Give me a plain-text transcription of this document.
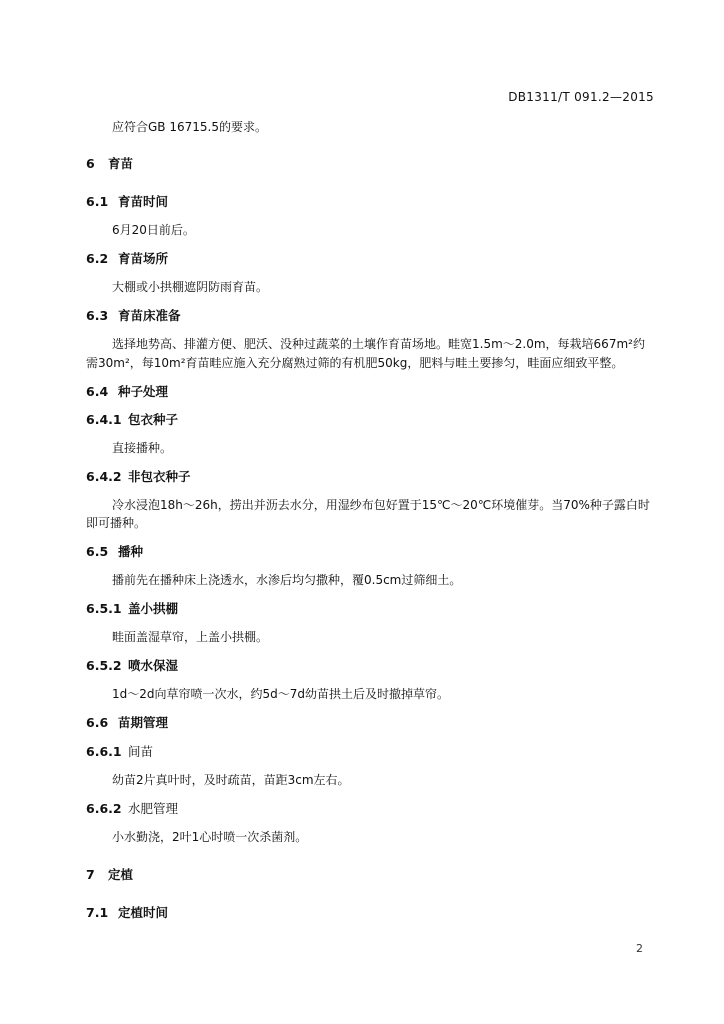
DB1311/T 091.2—2015
应符合GB 16715.5的要求。
6 育苗
6.1 育苗时间
6月20日前后。
6.2 育苗场所
大棚或小拱棚遮阴防雨育苗。
6.3 育苗床准备
选择地势高、排灌方便、肥沃、没种过蔬菜的土壤作育苗场地。畦宽1.5m～2.0m，每栽培667m²约
需30m²，每10m²育苗畦应施入充分腐熟过筛的有机肥50kg，肥料与畦土要掺匀，畦面应细致平整。
6.4 种子处理
6.4.1 包衣种子
直接播种。
6.4.2 非包衣种子
冷水浸泡18h～26h，捞出并沥去水分，用湿纱布包好置于15℃～20℃环境催芽。当70%种子露白时
即可播种。
6.5 播种
播前先在播种床上浇透水，水渗后均匀撒种，覆0.5cm过筛细土。
6.5.1 盖小拱棚
畦面盖湿草帘，上盖小拱棚。
6.5.2 喷水保湿
1d～2d向草帘喷一次水，约5d～7d幼苗拱土后及时撤掉草帘。
6.6 苗期管理
6.6.1 间苗
幼苗2片真叶时，及时疏苗，苗距3cm左右。
6.6.2 水肥管理
小水勤浇，2叶1心时喷一次杀菌剂。
7 定植
7.1 定植时间
2
